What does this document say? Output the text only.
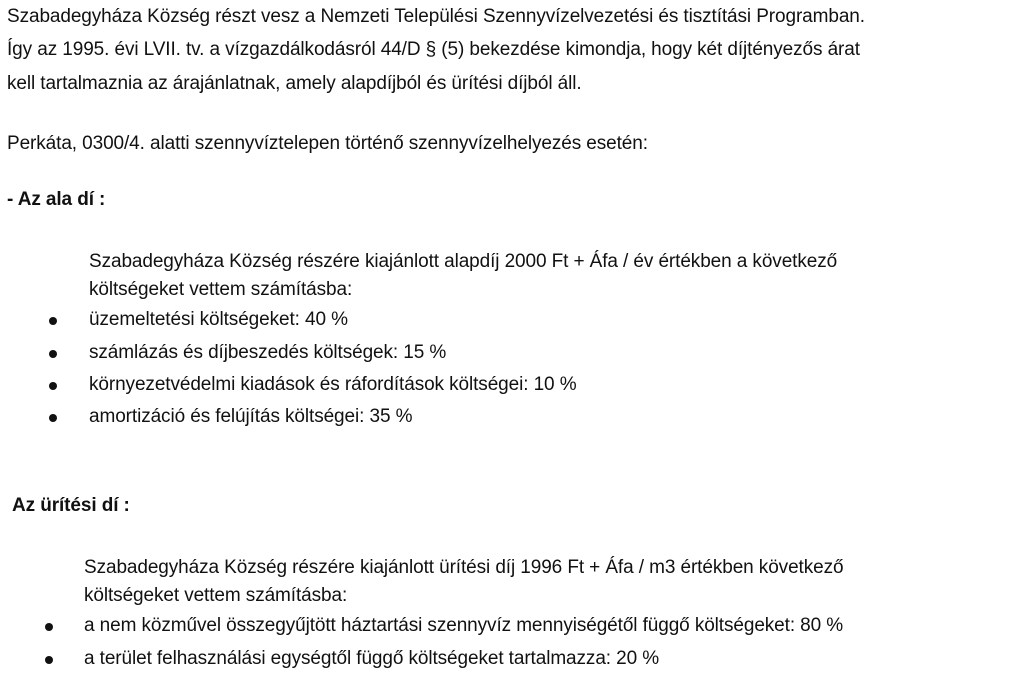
Szabadegyháza Község részt vesz a Nemzeti Települési Szennyvízelvezetési és tisztítási Programban.
Így az 1995. évi LVII. tv. a vízgazdálkodásról 44/D § (5) bekezdése kimondja, hogy két díjtényezős árat
kell tartalmaznia az árajánlatnak, amely alapdíjból és ürítési díjból áll.
Perkáta, 0300/4. alatti szennyvíztelepen történő szennyvízelhelyezés esetén:
- Az ala dí :
Szabadegyháza Község részére kiajánlott alapdíj 2000 Ft + Áfa / év értékben a következő
költségeket vettem számításba:
üzemeltetési költségeket: 40 %
számlázás és díjbeszedés költségek: 15 %
környezetvédelmi kiadások és ráfordítások költségei: 10 %
amortizáció és felújítás költségei: 35 %
Az ürítési dí :
Szabadegyháza Község részére kiajánlott ürítési díj 1996 Ft + Áfa / m3 értékben következő
költségeket vettem számításba:
a nem közművel összegyűjtött háztartási szennyvíz mennyiségétől függő költségeket: 80 %
a terület felhasználási egységtől függő költségeket tartalmazza: 20 %
